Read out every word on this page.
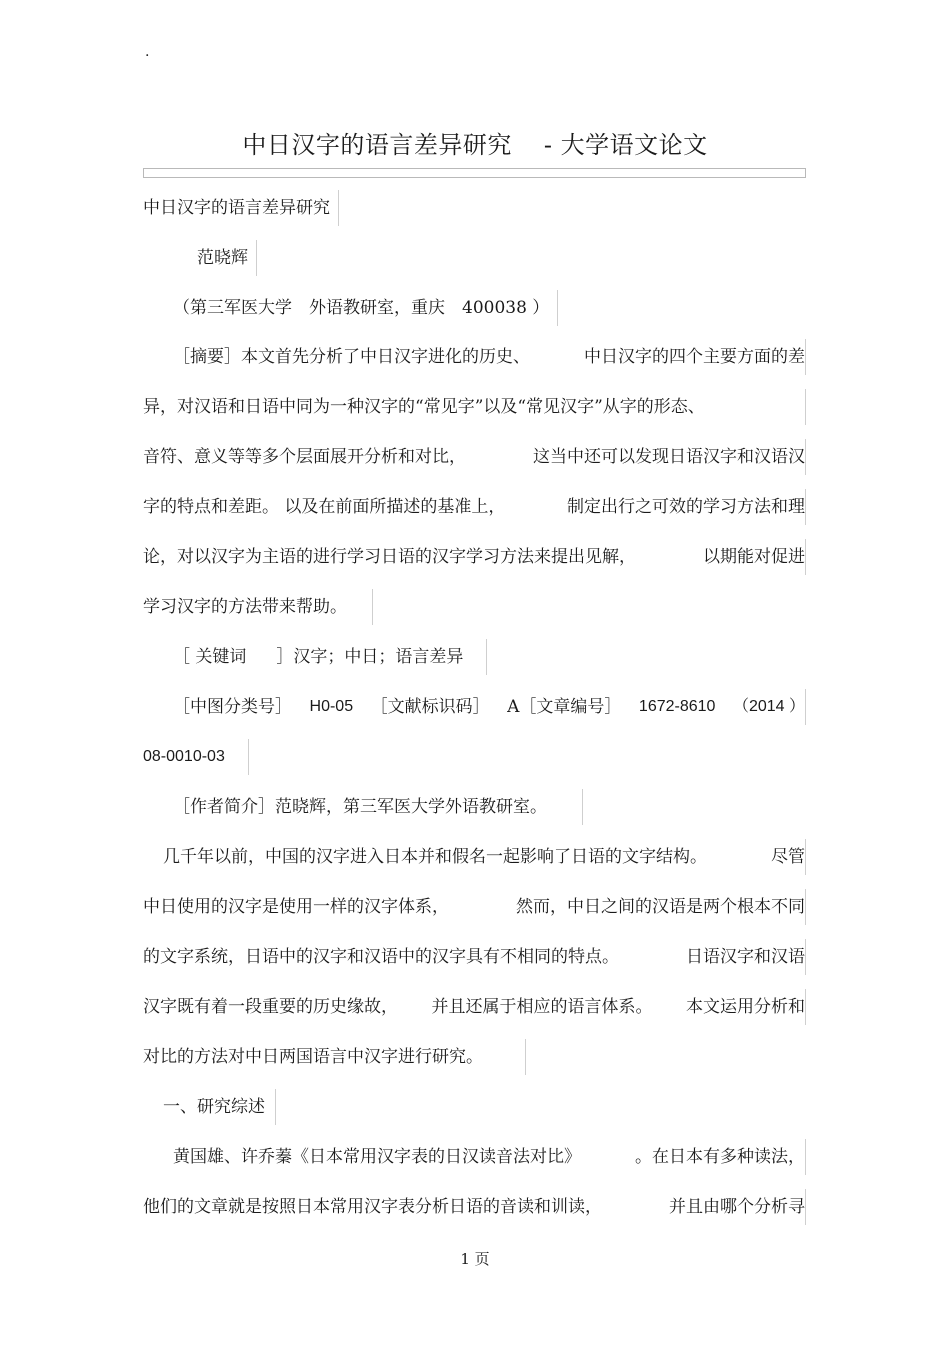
.
中日汉字的语言差异研究 - 大学语文论文
中日汉字的语言差异研究
范晓辉
（第三军医大学　外语教研室，重庆　400038 ）
［摘要］本文首先分析了中日汉字进化的历史、	中日汉字的四个主要方面的差
异，对汉语和日语中同为一种汉字的“常见字”以及“常见汉字”从字的形态、
音符、意义等等多个层面展开分析和对比，	这当中还可以发现日语汉字和汉语汉
字的特点和差距。 以及在前面所描述的基准上，	制定出行之可效的学习方法和理
论，对以汉字为主语的进行学习日语的汉字学习方法来提出见解，	以期能对促进
学习汉字的方法带来帮助。
［ 关键词 ］汉字；中日；语言差异
［中图分类号］ H0-05 ［文献标识码］ A［文章编号］ 1672-8610 （2014 ）
08-0010-03
［作者简介］范晓辉，第三军医大学外语教研室。
几千年以前，中国的汉字进入日本并和假名一起影响了日语的文字结构。	尽管
中日使用的汉字是使用一样的汉字体系，	然而，中日之间的汉语是两个根本不同
的文字系统，日语中的汉字和汉语中的汉字具有不相同的特点。	日语汉字和汉语
汉字既有着一段重要的历史缘故， 并且还属于相应的语言体系。 本文运用分析和
对比的方法对中日两国语言中汉字进行研究。
一、研究综述
黄国雄、许乔蓁《日本常用汉字表的日汉读音法对比》	。在日本有多种读法，
他们的文章就是按照日本常用汉字表分析日语的音读和训读，	并且由哪个分析寻
1 页
